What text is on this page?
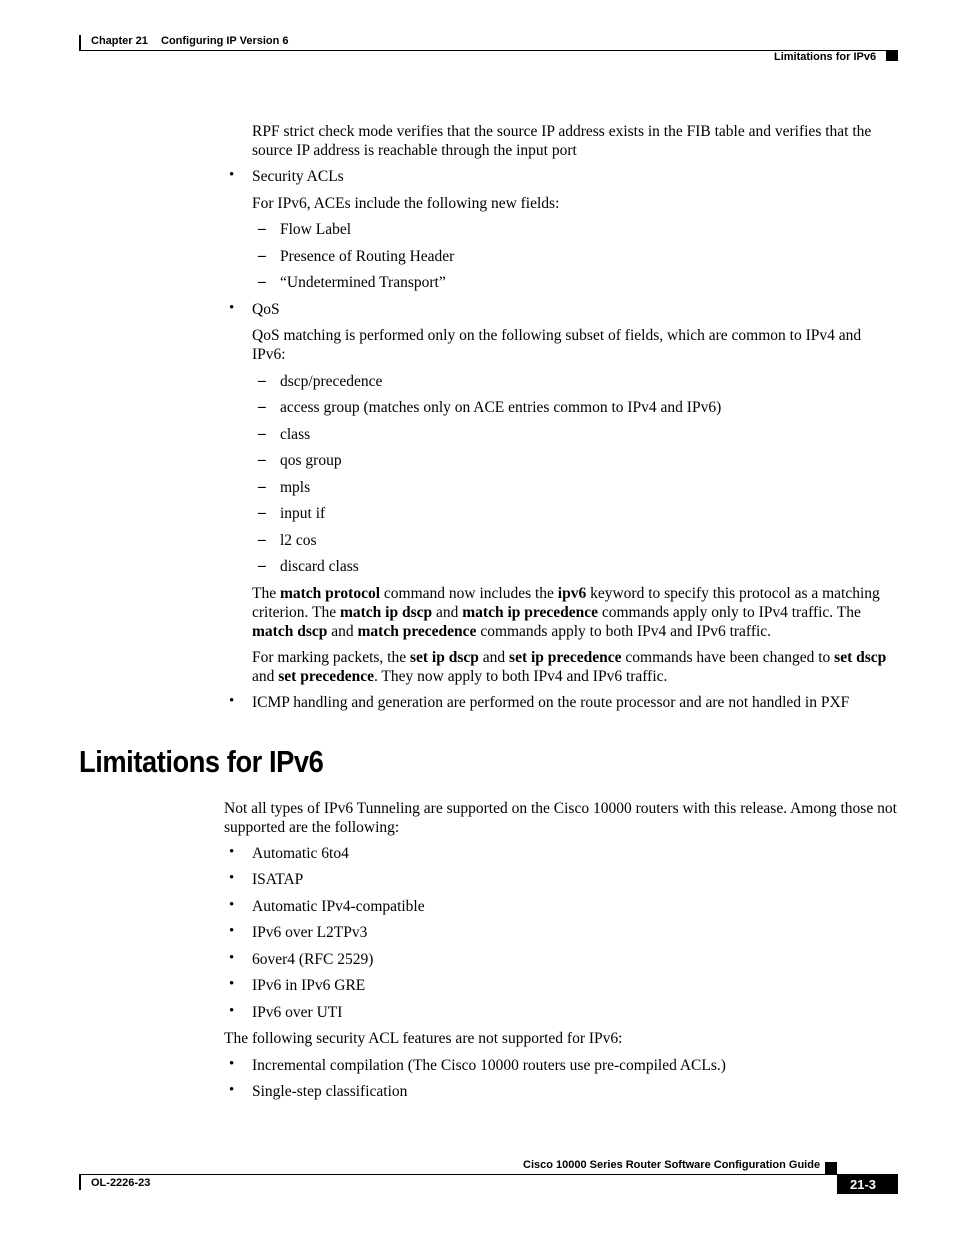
Chapter 21 Configuring IP Version 6
Limitations for IPv6
RPF strict check mode verifies that the source IP address exists in the FIB table and verifies that the source IP address is reachable through the input port
• Security ACLs
For IPv6, ACEs include the following new fields:
– Flow Label
– Presence of Routing Header
– “Undetermined Transport”
• QoS
QoS matching is performed only on the following subset of fields, which are common to IPv4 and IPv6:
– dscp/precedence
– access group (matches only on ACE entries common to IPv4 and IPv6)
– class
– qos group
– mpls
– input if
– l2 cos
– discard class
The match protocol command now includes the ipv6 keyword to specify this protocol as a matching criterion. The match ip dscp and match ip precedence commands apply only to IPv4 traffic. The match dscp and match precedence commands apply to both IPv4 and IPv6 traffic.
For marking packets, the set ip dscp and set ip precedence commands have been changed to set dscp and set precedence. They now apply to both IPv4 and IPv6 traffic.
• ICMP handling and generation are performed on the route processor and are not handled in PXF
Limitations for IPv6
Not all types of IPv6 Tunneling are supported on the Cisco 10000 routers with this release. Among those not supported are the following:
• Automatic 6to4
• ISATAP
• Automatic IPv4-compatible
• IPv6 over L2TPv3
• 6over4 (RFC 2529)
• IPv6 in IPv6 GRE
• IPv6 over UTI
The following security ACL features are not supported for IPv6:
• Incremental compilation (The Cisco 10000 routers use pre-compiled ACLs.)
• Single-step classification
Cisco 10000 Series Router Software Configuration Guide
OL-2226-23	21-3
